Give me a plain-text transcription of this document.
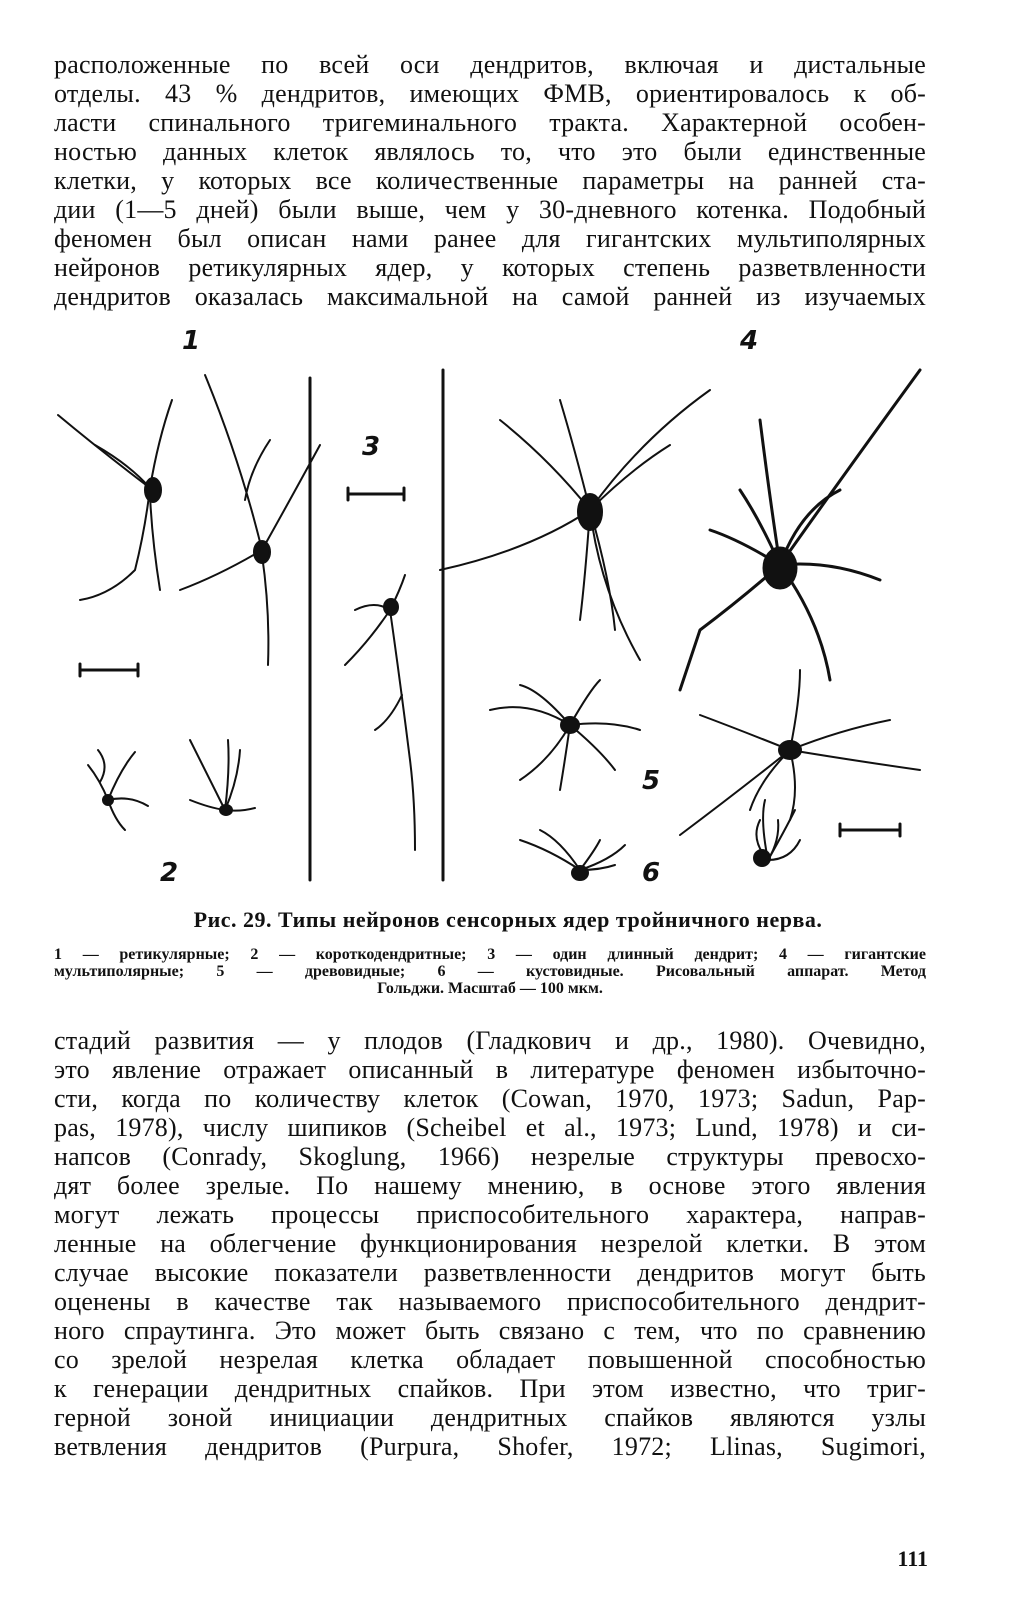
расположенные по всей оси дендритов, включая и дистальные
отделы. 43 % дендритов, имеющих ФМВ, ориентировалось к об-
ласти спинального тригеминального тракта. Характерной особен-
ностью данных клеток являлось то, что это были единственные
клетки, у которых все количественные параметры на ранней ста-
дии (1—5 дней) были выше, чем у 30-дневного котенка. Подобный
феномен был описан нами ранее для гигантских мультиполярных
нейронов ретикулярных ядер, у которых степень разветвленности
дендритов оказалась максимальной на самой ранней из изучаемых
1
2
3
4
5
6
Рис. 29. Типы нейронов сенсорных ядер тройничного нерва.
1 — ретикулярные; 2 — короткодендритные; 3 — один длинный дендрит; 4 — гигантские
мультиполярные; 5 — древовидные; 6 — кустовидные. Рисовальный аппарат. Метод
Гольджи. Масштаб — 100 мкм.
стадий развития — у плодов (Гладкович и др., 1980). Очевидно,
это явление отражает описанный в литературе феномен избыточно-
сти, когда по количеству клеток (Cowan, 1970, 1973; Sadun, Pap-
pas, 1978), числу шипиков (Scheibel et al., 1973; Lund, 1978) и си-
напсов (Conrady, Skoglung, 1966) незрелые структуры превосхо-
дят более зрелые. По нашему мнению, в основе этого явления
могут лежать процессы приспособительного характера, направ-
ленные на облегчение функционирования незрелой клетки. В этом
случае высокие показатели разветвленности дендритов могут быть
оценены в качестве так называемого приспособительного дендрит-
ного спраутинга. Это может быть связано с тем, что по сравнению
со зрелой незрелая клетка обладает повышенной способностью
к генерации дендритных спайков. При этом известно, что триг-
герной зоной инициации дендритных спайков являются узлы
ветвления дендритов (Purpura, Shofer, 1972; Llinas, Sugimori,
111
